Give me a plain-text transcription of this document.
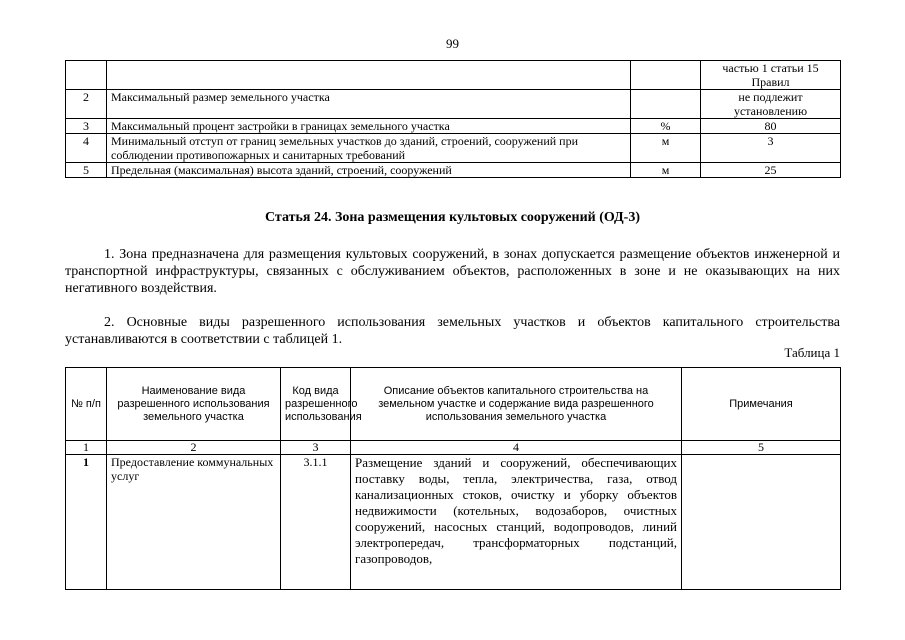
99
			частью 1 статьи 15 Правил
2	Максимальный размер земельного участка		не подлежит установлению
3	Максимальный процент застройки в границах земельного участка	%	80
4	Минимальный отступ от границ земельных участков до зданий, строений, сооружений при соблюдении противопожарных и санитарных требований	м	3
5	Предельная (максимальная) высота зданий, строений, сооружений	м	25
Статья 24. Зона размещения культовых сооружений (ОД-3)
1. Зона предназначена для размещения культовых сооружений, в зонах допускается размещение объектов инженерной и транспортной инфраструктуры, связанных с обслуживанием объектов, расположенных в зоне и не оказывающих на них негативного воздействия.
2. Основные виды разрешенного использования земельных участков и объектов капитального строительства устанавливаются в соответствии с таблицей 1.
Таблица 1
№ п/п	Наименование вида разрешенного использования земельного участка	Код вида разрешенного использования	Описание объектов капитального строительства на земельном участке и содержание вида разрешенного использования земельного участка	Примечания
1	2	3	4	5
1	Предоставление коммунальных услуг	3.1.1	Размещение зданий и сооружений, обеспечивающих поставку воды, тепла, электричества, газа, отвод канализационных стоков, очистку и уборку объектов недвижимости (котельных, водозаборов, очистных сооружений, насосных станций, водопроводов, линий электропередач, трансформаторных подстанций, газопроводов,	
